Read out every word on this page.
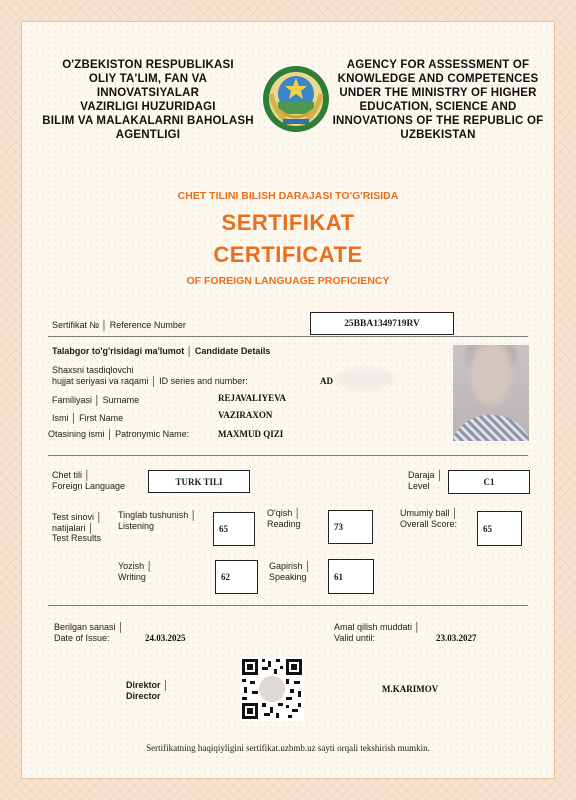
O'ZBEKISTON RESPUBLIKASI
OLIY TA'LIM, FAN VA INNOVATSIYALAR
VAZIRLIGI HUZURIDAGI
BILIM VA MALAKALARNI BAHOLASH
AGENTLIGI
AGENCY FOR ASSESSMENT OF
KNOWLEDGE AND COMPETENCES
UNDER THE MINISTRY OF HIGHER
EDUCATION, SCIENCE AND
INNOVATIONS OF THE REPUBLIC OF
UZBEKISTAN
CHET TILINI BILISH DARAJASI TO'G'RISIDA
SERTIFIKAT
CERTIFICATE
OF FOREIGN LANGUAGE PROFICIENCY
Sertifikat № │ Reference Number	25BBA1349719RV
Talabgor to'g'risidagi ma'lumot │ Candidate Details
Shaxsni tasdiqlovchi
hujjat seriyasi va raqami │ ID series and number:	AD
Familiyasi │ Surname	REJAVALIYEVA
Ismi │ First Name	VAZIRAXON
Otasining ismi │ Patronymic Name:	MAXMUD QIZI
Chet tili │
Foreign Language	TURK TILI
Daraja │
Level	C1
Test sinovi │
natijalari │
Test Results
Tinglab tushunish │
Listening	65
O'qish │
Reading	73
Umumiy ball │
Overall Score:	65
Yozish │
Writing	62
Gapirish │
Speaking	61
Berilgan sanasi │
Date of Issue:	24.03.2025
Amal qilish muddati │
Valid until:	23.03.2027
Direktor │
Director
M.KARIMOV
Sertifikatning haqiqiyligini sertifikat.uzbmb.uz sayti orqali tekshirish mumkin.
